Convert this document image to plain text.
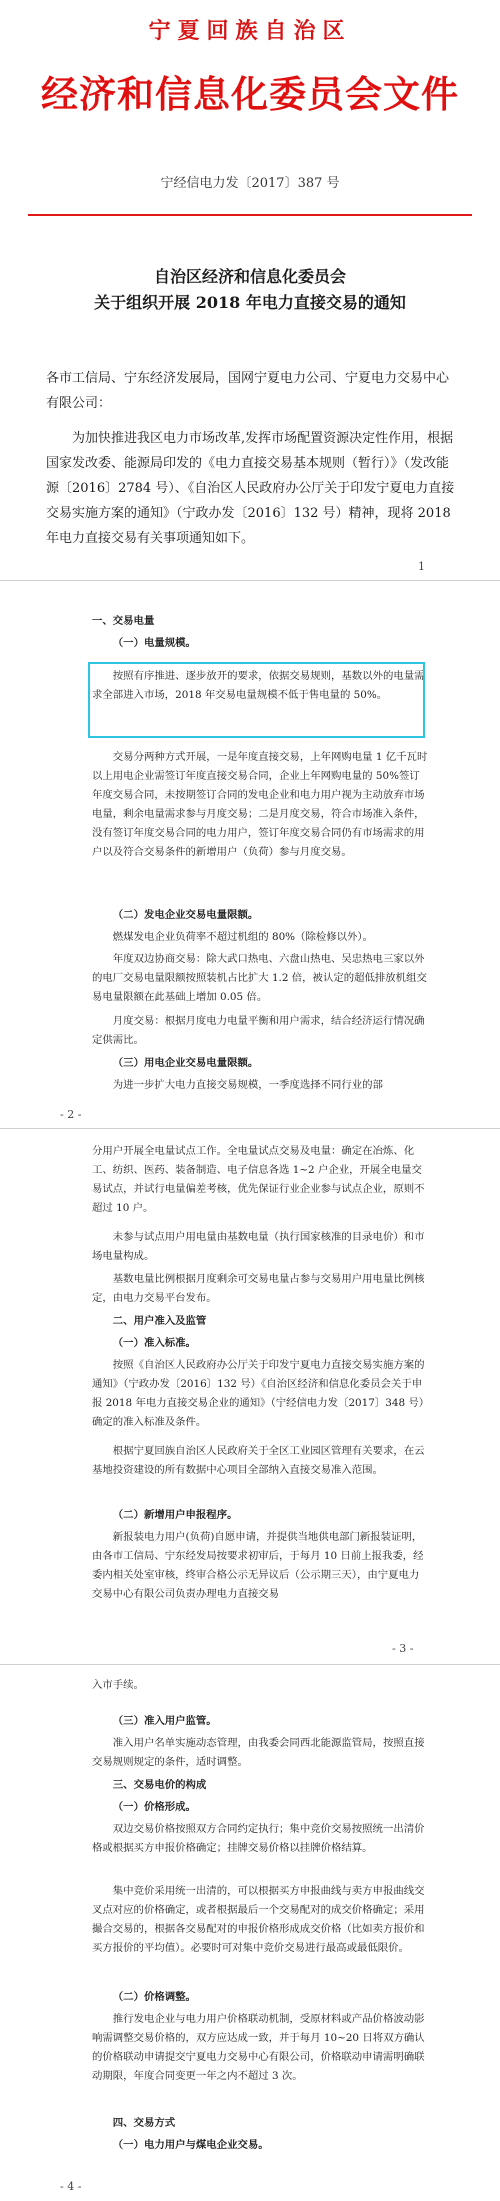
宁夏回族自治区
经济和信息化委员会文件
宁经信电力发〔2017〕387 号
自治区经济和信息化委员会
关于组织开展 2018 年电力直接交易的通知
各市工信局、宁东经济发展局，国网宁夏电力公司、宁夏电力交易中心有限公司：
为加快推进我区电力市场改革,发挥市场配置资源决定性作用，根据国家发改委、能源局印发的《电力直接交易基本规则（暂行）》（发改能源〔2016〕2784 号）、《自治区人民政府办公厅关于印发宁夏电力直接交易实施方案的通知》（宁政办发〔2016〕132 号）精神，现将 2018 年电力直接交易有关事项通知如下。
1
一、交易电量
（一）电量规模。
按照有序推进、逐步放开的要求，依据交易规则，基数以外的电量需求全部进入市场，2018 年交易电量规模不低于售电量的 50%。
交易分两种方式开展，一是年度直接交易，上年网购电量 1 亿千瓦时以上用电企业需签订年度直接交易合同，企业上年网购电量的 50%签订年度交易合同，未按期签订合同的发电企业和电力用户视为主动放弃市场电量，剩余电量需求参与月度交易；二是月度交易，符合市场准入条件，没有签订年度交易合同的电力用户，签订年度交易合同仍有市场需求的用户以及符合交易条件的新增用户（负荷）参与月度交易。
（二）发电企业交易电量限额。
燃煤发电企业负荷率不超过机组的 80%（除检修以外）。
年度双边协商交易：除大武口热电、六盘山热电、吴忠热电三家以外的电厂交易电量限额按照装机占比扩大 1.2 倍，被认定的超低排放机组交易电量限额在此基础上增加 0.05 倍。
月度交易：根据月度电力电量平衡和用户需求，结合经济运行情况确定供需比。
（三）用电企业交易电量限额。
为进一步扩大电力直接交易规模，一季度选择不同行业的部
- 2 -
分用户开展全电量试点工作。全电量试点交易及电量：确定在冶炼、化工、纺织、医药、装备制造、电子信息各选 1~2 户企业，开展全电量交易试点，并试行电量偏差考核，优先保证行业企业参与试点企业，原则不超过 10 户。
未参与试点用户用电量由基数电量（执行国家核准的目录电价）和市场电量构成。
基数电量比例根据月度剩余可交易电量占参与交易用户用电量比例核定，由电力交易平台发布。
二、用户准入及监管
（一）准入标准。
按照《自治区人民政府办公厅关于印发宁夏电力直接交易实施方案的通知》（宁政办发〔2016〕132 号）《自治区经济和信息化委员会关于申报 2018 年电力直接交易企业的通知》（宁经信电力发〔2017〕348 号）确定的准入标准及条件。
根据宁夏回族自治区人民政府关于全区工业园区管理有关要求，在云基地投资建设的所有数据中心项目全部纳入直接交易准入范围。
（二）新增用户申报程序。
新报装电力用户(负荷)自愿申请，并提供当地供电部门新报装证明，由各市工信局、宁东经发局按要求初审后，于每月 10 日前上报我委，经委内相关处室审核，终审合格公示无异议后（公示期三天），由宁夏电力交易中心有限公司负责办理电力直接交易
- 3 -
入市手续。
（三）准入用户监管。
准入用户名单实施动态管理，由我委会同西北能源监管局，按照直接交易规则规定的条件，适时调整。
三、交易电价的构成
（一）价格形成。
双边交易价格按照双方合同约定执行；集中竞价交易按照统一出清价格或根据买方申报价格确定；挂牌交易价格以挂牌价格结算。
集中竞价采用统一出清的，可以根据买方申报曲线与卖方申报曲线交叉点对应的价格确定，或者根据最后一个交易配对的成交价格确定；采用撮合交易的，根据各交易配对的申报价格形成成交价格（比如卖方报价和买方报价的平均值）。必要时可对集中竞价交易进行最高或最低限价。
（二）价格调整。
推行发电企业与电力用户价格联动机制，受原材料或产品价格波动影响需调整交易价格的，双方应达成一致，并于每月 10~20 日将双方确认的价格联动申请提交宁夏电力交易中心有限公司，价格联动申请需明确联动期限，年度合同变更一年之内不超过 3 次。
四、交易方式
（一）电力用户与煤电企业交易。
- 4 -
